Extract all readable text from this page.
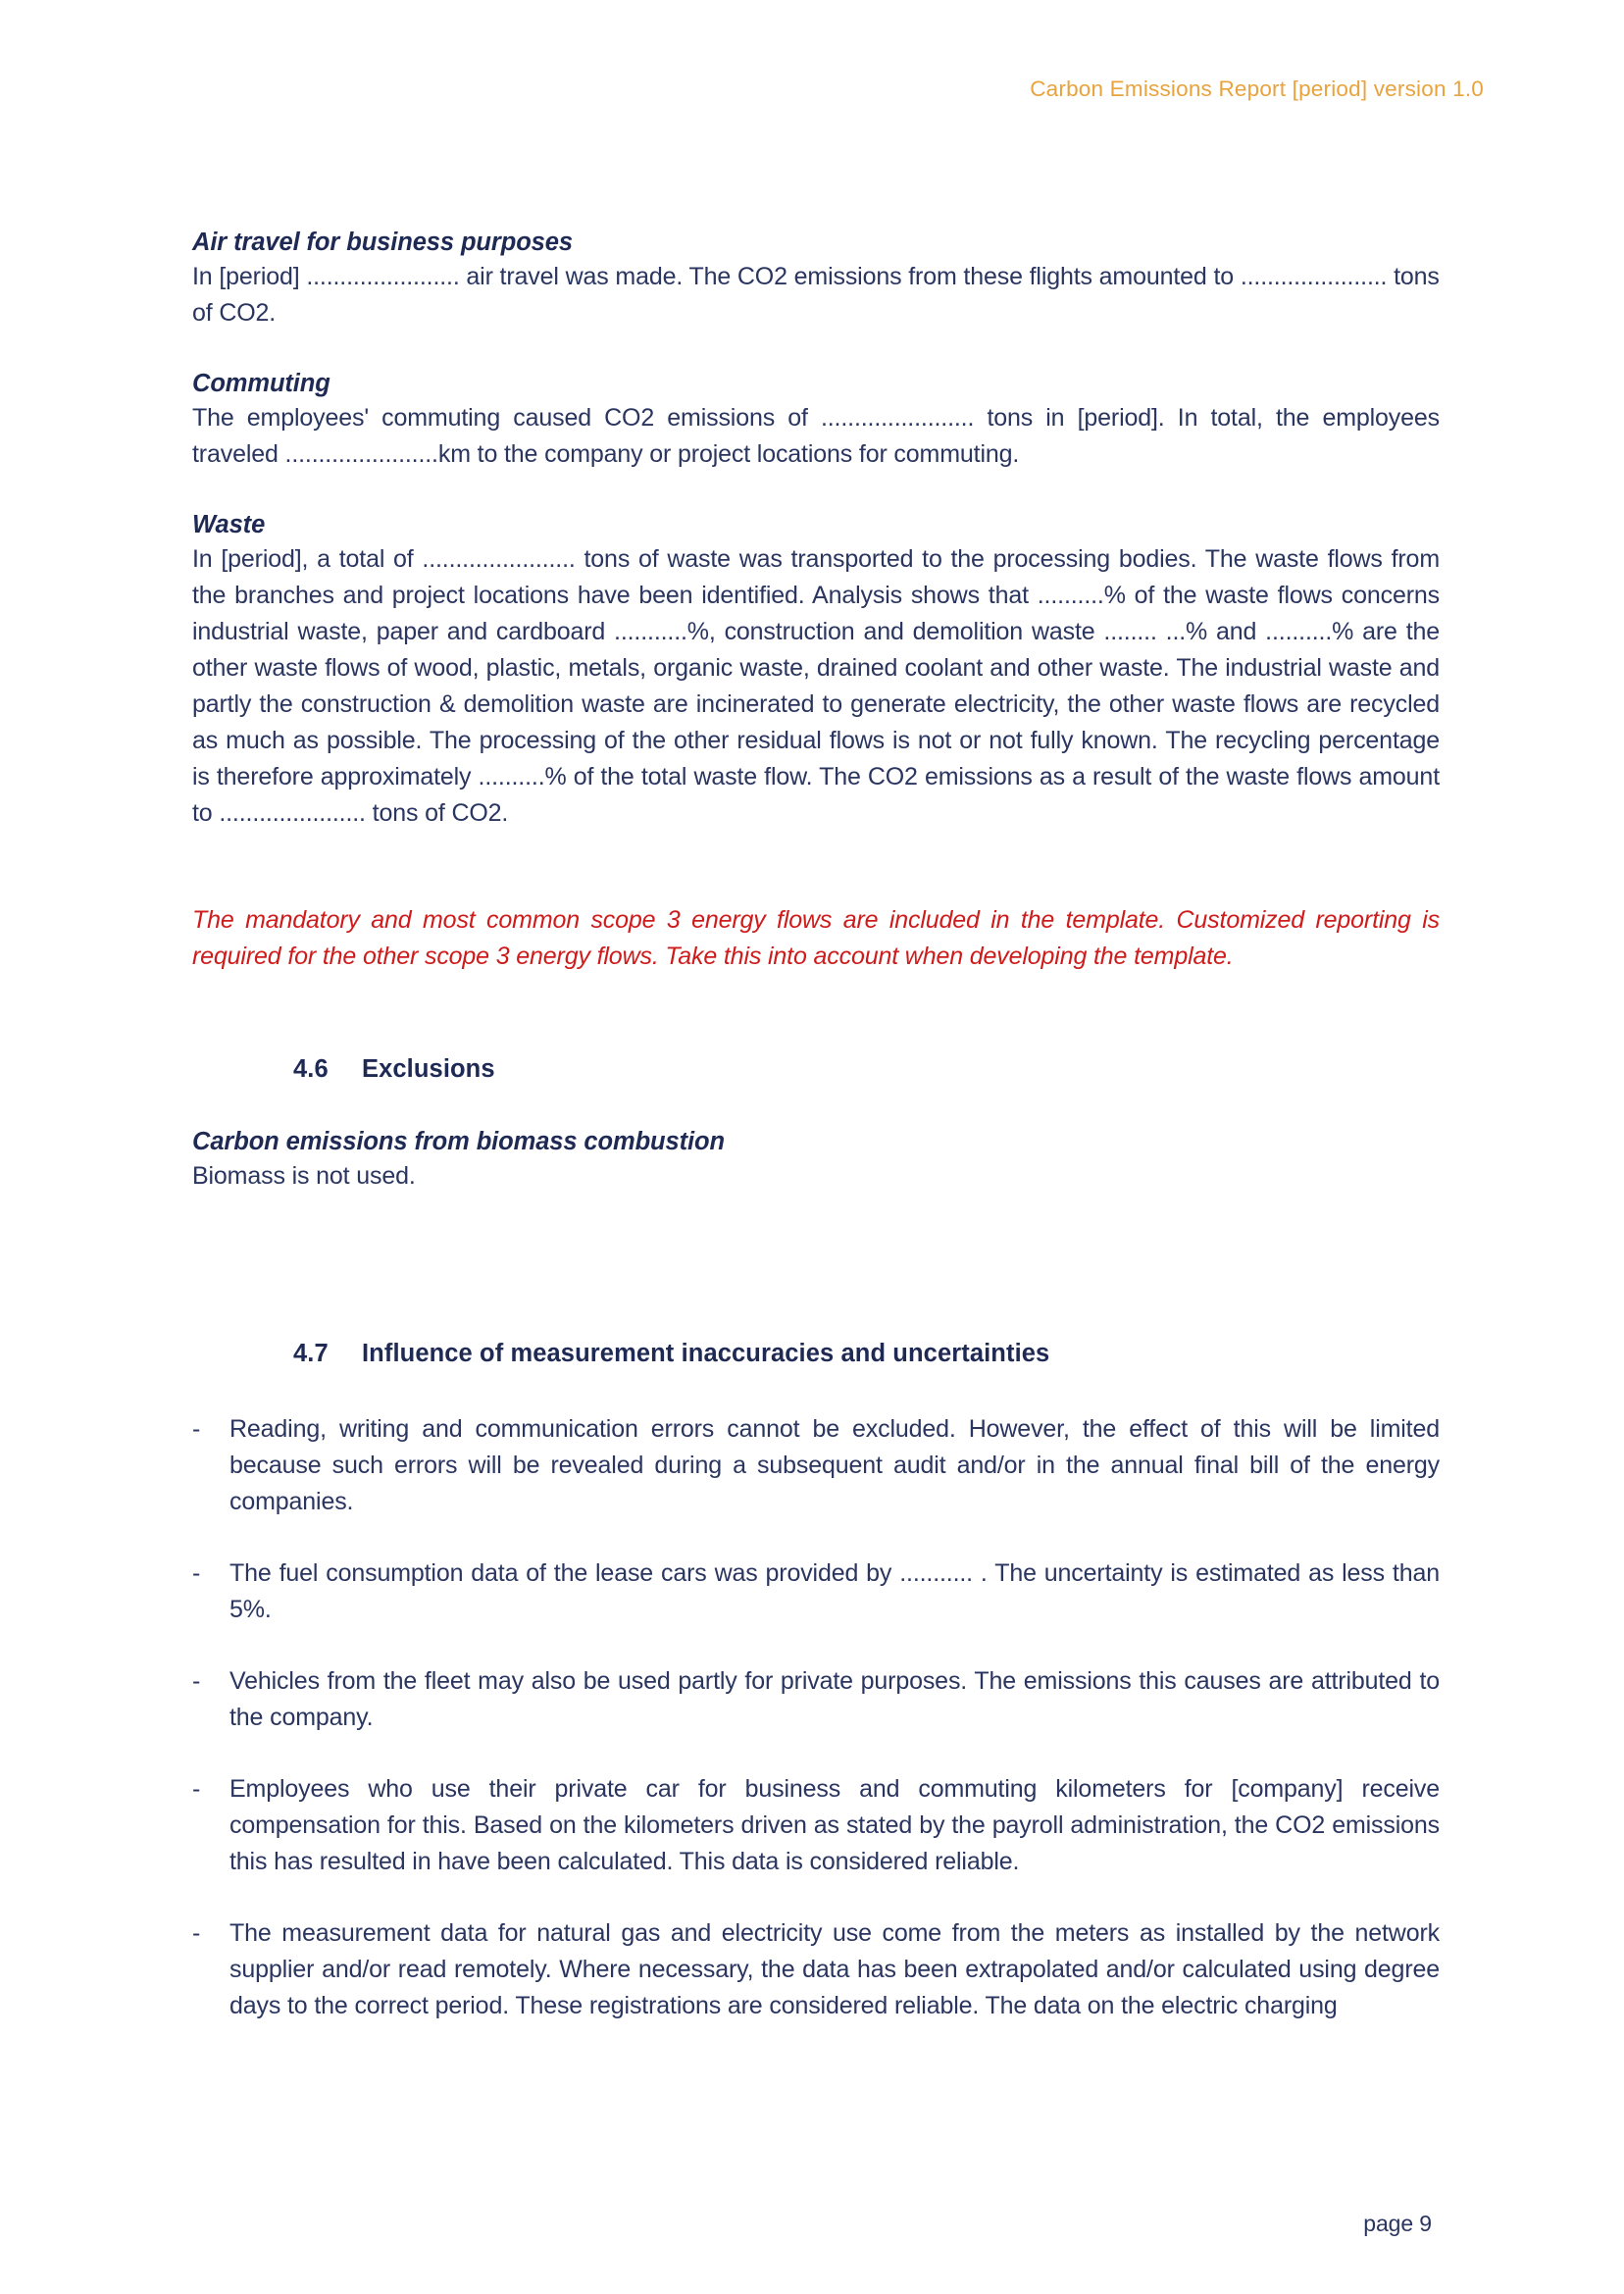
Carbon Emissions Report [period] version 1.0
Air travel for business purposes

In [period] ....................... air travel was made. The CO2 emissions from these flights amounted to ...................... tons of CO2.

Commuting

The employees' commuting caused CO2 emissions of ....................... tons in [period]. In total, the employees traveled .......................km to the company or project locations for commuting.

Waste

In [period], a total of ....................... tons of waste was transported to the processing bodies. The waste flows from the branches and project locations have been identified. Analysis shows that ..........% of the waste flows concerns industrial waste, paper and cardboard ...........%, construction and demolition waste ........ ...% and ..........% are the other waste flows of wood, plastic, metals, organic waste, drained coolant and other waste. The industrial waste and partly the construction & demolition waste are incinerated to generate electricity, the other waste flows are recycled as much as possible. The processing of the other residual flows is not or not fully known. The recycling percentage is therefore approximately ..........% of the total waste flow. The CO2 emissions as a result of the waste flows amount to ...................... tons of CO2.

The mandatory and most common scope 3 energy flows are included in the template. Customized reporting is required for the other scope 3 energy flows. Take this into account when developing the template.

4.6	Exclusions
Carbon emissions from biomass combustion

Biomass is not used.

4.7	Influence of measurement inaccuracies and uncertainties
-	Reading, writing and communication errors cannot be excluded. However, the effect of this will be limited because such errors will be revealed during a subsequent audit and/or in the annual final bill of the energy companies.
-	The fuel consumption data of the lease cars was provided by ........... . The uncertainty is estimated as less than 5%.
-	Vehicles from the fleet may also be used partly for private purposes. The emissions this causes are attributed to the company.
-	Employees who use their private car for business and commuting kilometers for [company] receive compensation for this. Based on the kilometers driven as stated by the payroll administration, the CO2 emissions this has resulted in have been calculated. This data is considered reliable.
-	The measurement data for natural gas and electricity use come from the meters as installed by the network supplier and/or read remotely. Where necessary, the data has been extrapolated and/or calculated using degree days to the correct period. These registrations are considered reliable. The data on the electric charging
page 9
